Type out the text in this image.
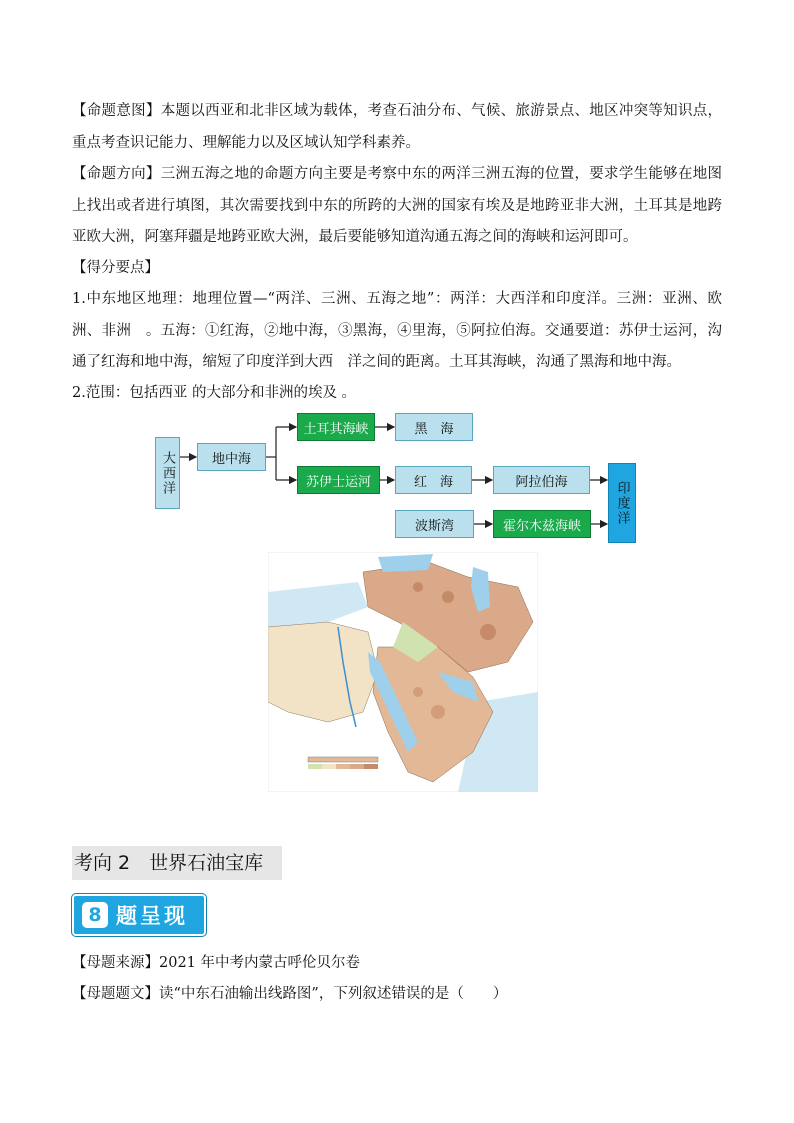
【命题意图】本题以西亚和北非区域为载体，考查石油分布、气候、旅游景点、地区冲突等知识点，重点考查识记能力、理解能力以及区域认知学科素养。

【命题方向】三洲五海之地的命题方向主要是考察中东的两洋三洲五海的位置，要求学生能够在地图上找出或者进行填图，其次需要找到中东的所跨的大洲的国家有埃及是地跨亚非大洲，土耳其是地跨亚欧大洲，阿塞拜疆是地跨亚欧大洲，最后要能够知道沟通五海之间的海峡和运河即可。

【得分要点】

1.中东地区地理：地理位置—“两洋、三洲、五海之地”：两洋：大西洋和印度洋。三洲：亚洲、欧洲、非洲　。五海：①红海，②地中海，③黑海，④里海，⑤阿拉伯海。交通要道：苏伊士运河，沟通了红海和地中海，缩短了印度洋到大西　洋之间的距离。土耳其海峡，沟通了黑海和地中海。

2.范围：包括西亚 的大部分和非洲的埃及 。

大西洋	地中海
土耳其海峡	黑　海
苏伊士运河	红　海	阿拉伯海
波斯湾	霍尔木兹海峡
印度洋
考向 2　世界石油宝库
8 题呈现

【母题来源】2021 年中考内蒙古呼伦贝尔卷

【母题题文】读“中东石油输出线路图”，下列叙述错误的是（　　）
